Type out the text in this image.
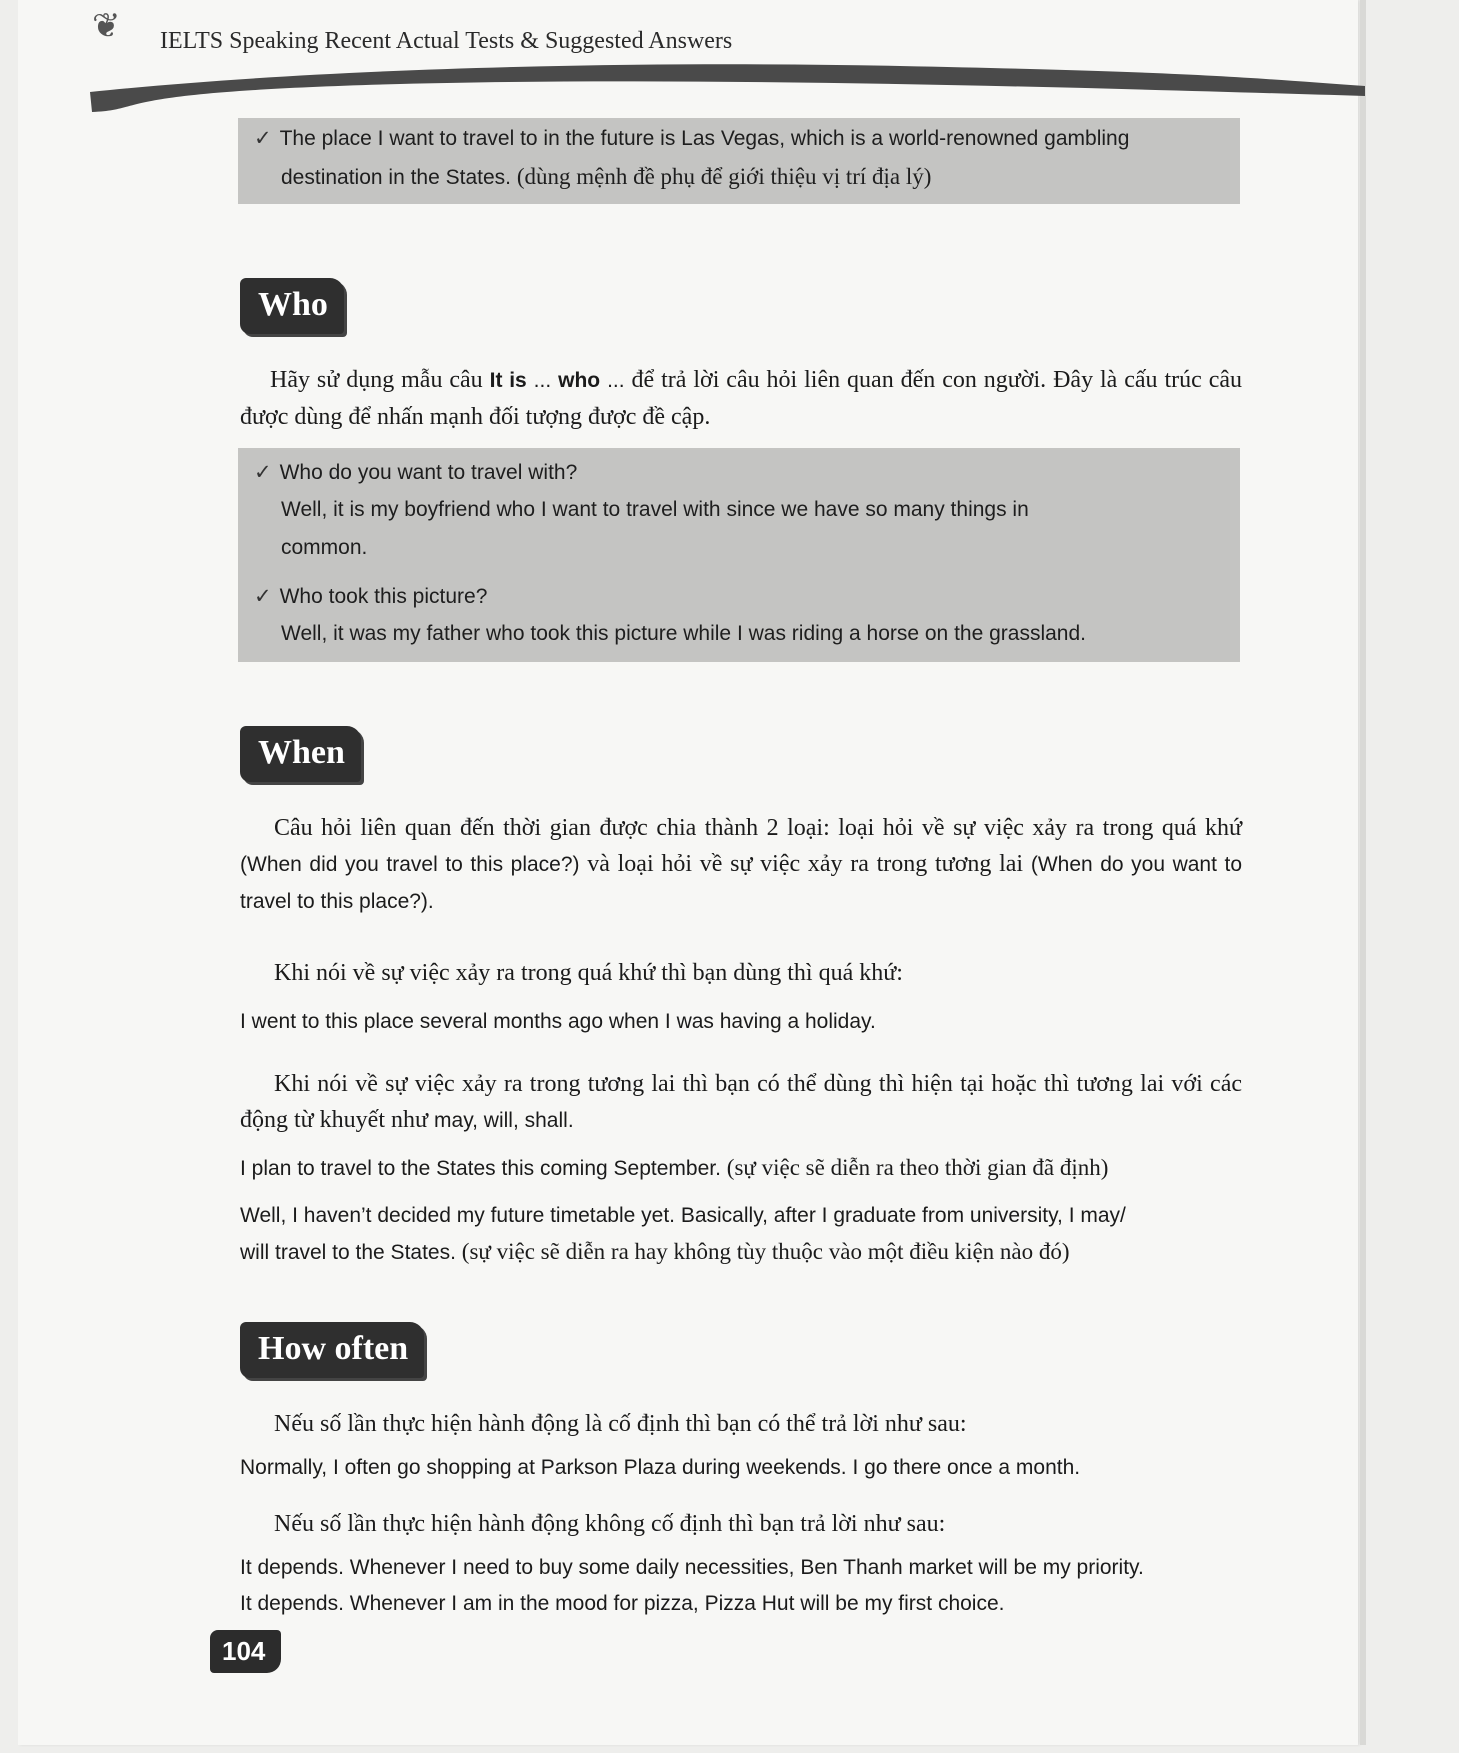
❦ IELTS Speaking Recent Actual Tests & Suggested Answers
✓ The place I want to travel to in the future is Las Vegas, which is a world-renowned gambling
destination in the States. (dùng mệnh đề phụ để giới thiệu vị trí địa lý)
Who
Hãy sử dụng mẫu câu It is ... who ... để trả lời câu hỏi liên quan đến con người. Đây là cấu trúc câu được dùng để nhấn mạnh đối tượng được đề cập.
✓ Who do you want to travel with?
Well, it is my boyfriend who I want to travel with since we have so many things in
common.
✓ Who took this picture?
Well, it was my father who took this picture while I was riding a horse on the grassland.
When
Câu hỏi liên quan đến thời gian được chia thành 2 loại: loại hỏi về sự việc xảy ra trong quá khứ (When did you travel to this place?) và loại hỏi về sự việc xảy ra trong tương lai (When do you want to travel to this place?).
Khi nói về sự việc xảy ra trong quá khứ thì bạn dùng thì quá khứ:
I went to this place several months ago when I was having a holiday.
Khi nói về sự việc xảy ra trong tương lai thì bạn có thể dùng thì hiện tại hoặc thì tương lai với các động từ khuyết như may, will, shall.
I plan to travel to the States this coming September. (sự việc sẽ diễn ra theo thời gian đã định)
Well, I haven’t decided my future timetable yet. Basically, after I graduate from university, I may/
will travel to the States. (sự việc sẽ diễn ra hay không tùy thuộc vào một điều kiện nào đó)
How often
Nếu số lần thực hiện hành động là cố định thì bạn có thể trả lời như sau:
Normally, I often go shopping at Parkson Plaza during weekends. I go there once a month.
Nếu số lần thực hiện hành động không cố định thì bạn trả lời như sau:
It depends. Whenever I need to buy some daily necessities, Ben Thanh market will be my priority.
It depends. Whenever I am in the mood for pizza, Pizza Hut will be my first choice.
104
